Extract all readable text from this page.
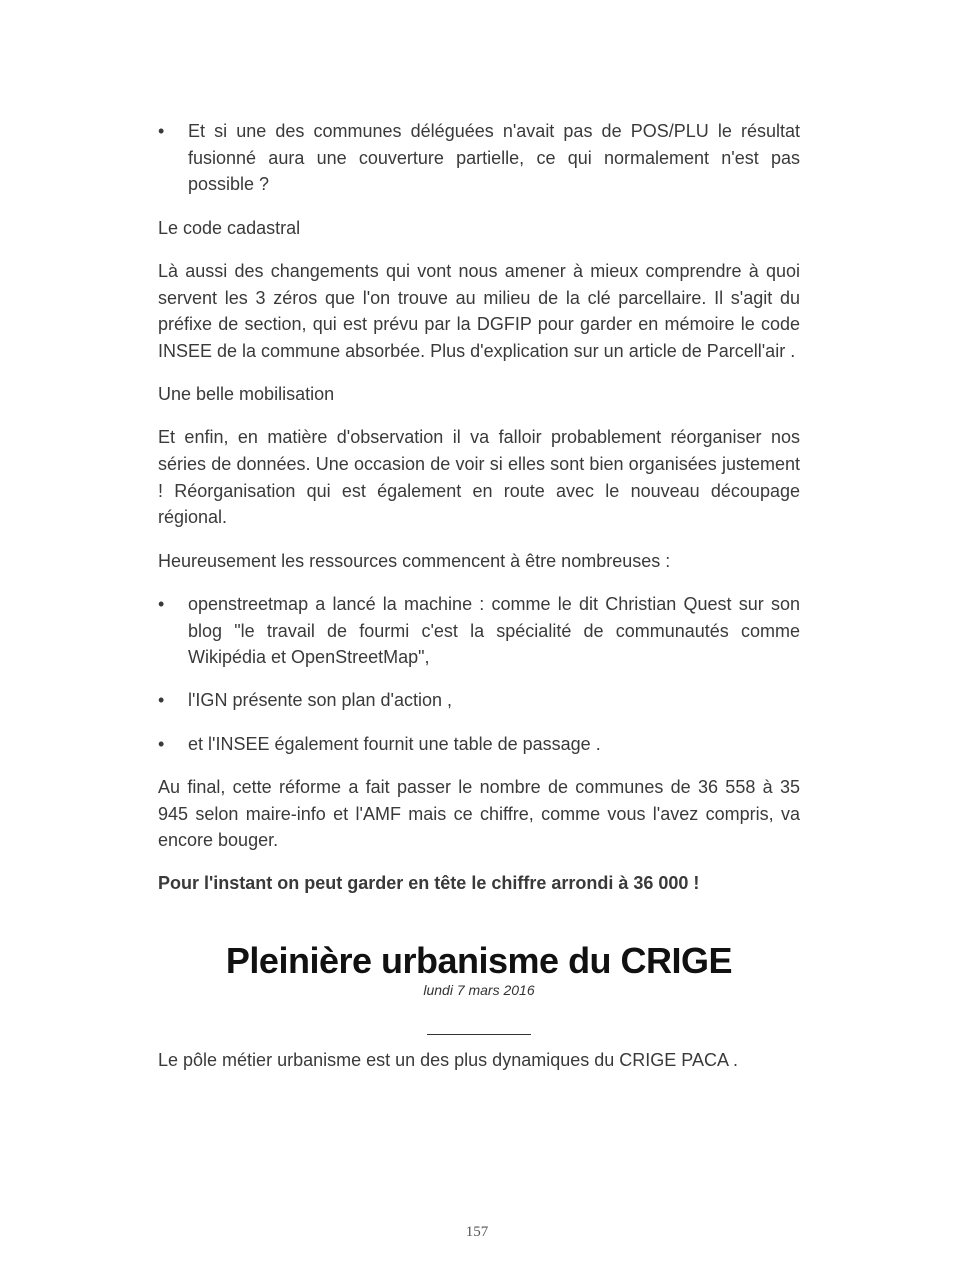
• Et si une des communes déléguées n'avait pas de POS/PLU le résultat fusionné aura une couverture partielle, ce qui normalement n'est pas possible ?

Le code cadastral

Là aussi des changements qui vont nous amener à mieux comprendre à quoi servent les 3 zéros que l'on trouve au milieu de la clé parcellaire. Il s'agit du préfixe de section, qui est prévu par la DGFIP pour garder en mémoire le code INSEE de la commune absorbée. Plus d'explication sur un article de Parcell'air .

Une belle mobilisation

Et enfin, en matière d'observation il va falloir probablement réorganiser nos séries de données. Une occasion de voir si elles sont bien organisées justement ! Réorganisation qui est également en route avec le nouveau découpage régional.

Heureusement les ressources commencent à être nombreuses :

• openstreetmap a lancé la machine : comme le dit Christian Quest sur son blog "le travail de fourmi c'est la spécialité de communautés comme Wikipédia et OpenStreetMap",
• l'IGN présente son plan d'action ,
• et l'INSEE également fournit une table de passage .

Au final, cette réforme a fait passer le nombre de communes de 36 558 à 35 945 selon maire-info et l'AMF mais ce chiffre, comme vous l'avez compris, va encore bouger.

Pour l'instant on peut garder en tête le chiffre arrondi à 36 000 !

Pleinière urbanisme du CRIGE
lundi 7 mars 2016

Le pôle métier urbanisme est un des plus dynamiques du CRIGE PACA .

157
